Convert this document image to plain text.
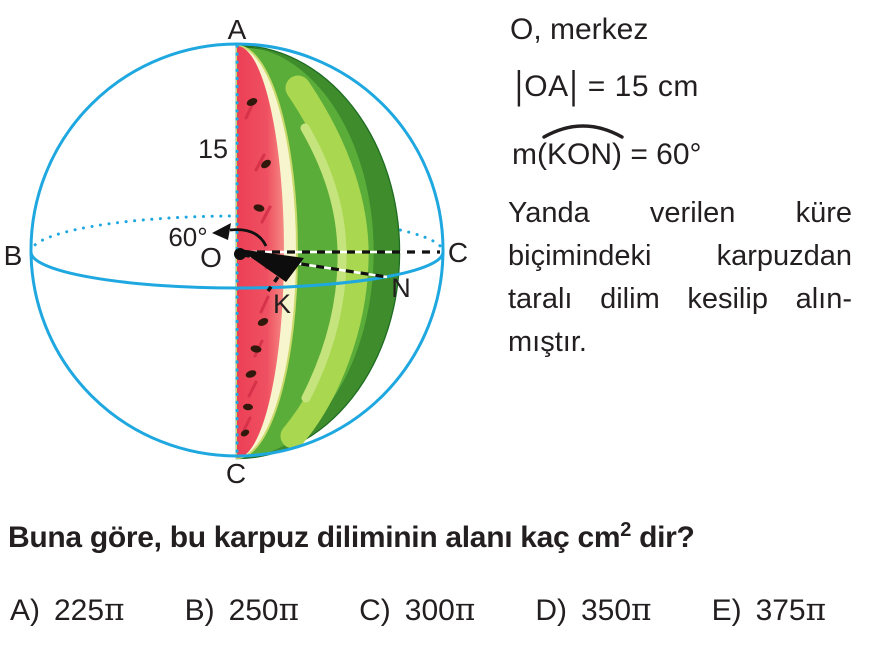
A
B	C
C
O
K
N
15
60°
O, merkez
|OA| = 15 cm
m(
KON) = 60°
Yanda verilen küre
biçimindeki karpuzdan
taralı dilim kesilip alın-
mıştır.
Buna göre, bu karpuz diliminin alanı kaç $cm^2$ dir?
A) 225π B) 250π C) 300π D) 350π E) 375π
